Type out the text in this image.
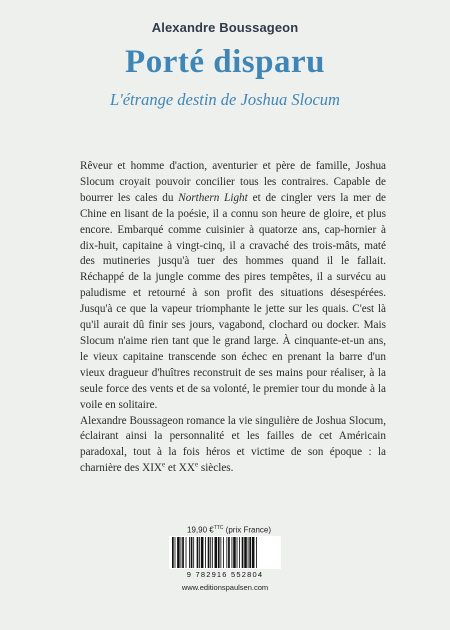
Alexandre Boussageon
Porté disparu
L'étrange destin de Joshua Slocum

Rêveur et homme d'action, aventurier et père de famille, Joshua Slocum croyait pouvoir concilier tous les contraires. Capable de bourrer les cales du Northern Light et de cingler vers la mer de Chine en lisant de la poésie, il a connu son heure de gloire, et plus encore. Embarqué comme cuisinier à quatorze ans, cap-hornier à dix-huit, capitaine à vingt-cinq, il a cravaché des trois-mâts, maté des mutineries jusqu'à tuer des hommes quand il le fallait. Réchappé de la jungle comme des pires tempêtes, il a survécu au paludisme et retourné à son profit des situations désespérées. Jusqu'à ce que la vapeur triomphante le jette sur les quais. C'est là qu'il aurait dû finir ses jours, vagabond, clochard ou docker. Mais Slocum n'aime rien tant que le grand large. À cinquante-et-un ans, le vieux capitaine transcende son échec en prenant la barre d'un vieux dragueur d'huîtres reconstruit de ses mains pour réaliser, à la seule force des vents et de sa volonté, le premier tour du monde à la voile en solitaire.

Alexandre Boussageon romance la vie singulière de Joshua Slocum, éclairant ainsi la personnalité et les failles de cet Américain paradoxal, tout à la fois héros et victime de son époque : la charnière des XIXe et XXe siècles.

19,90 €$^{TTC}$ (prix France)
9 782916 552804
www.editionspaulsen.com
